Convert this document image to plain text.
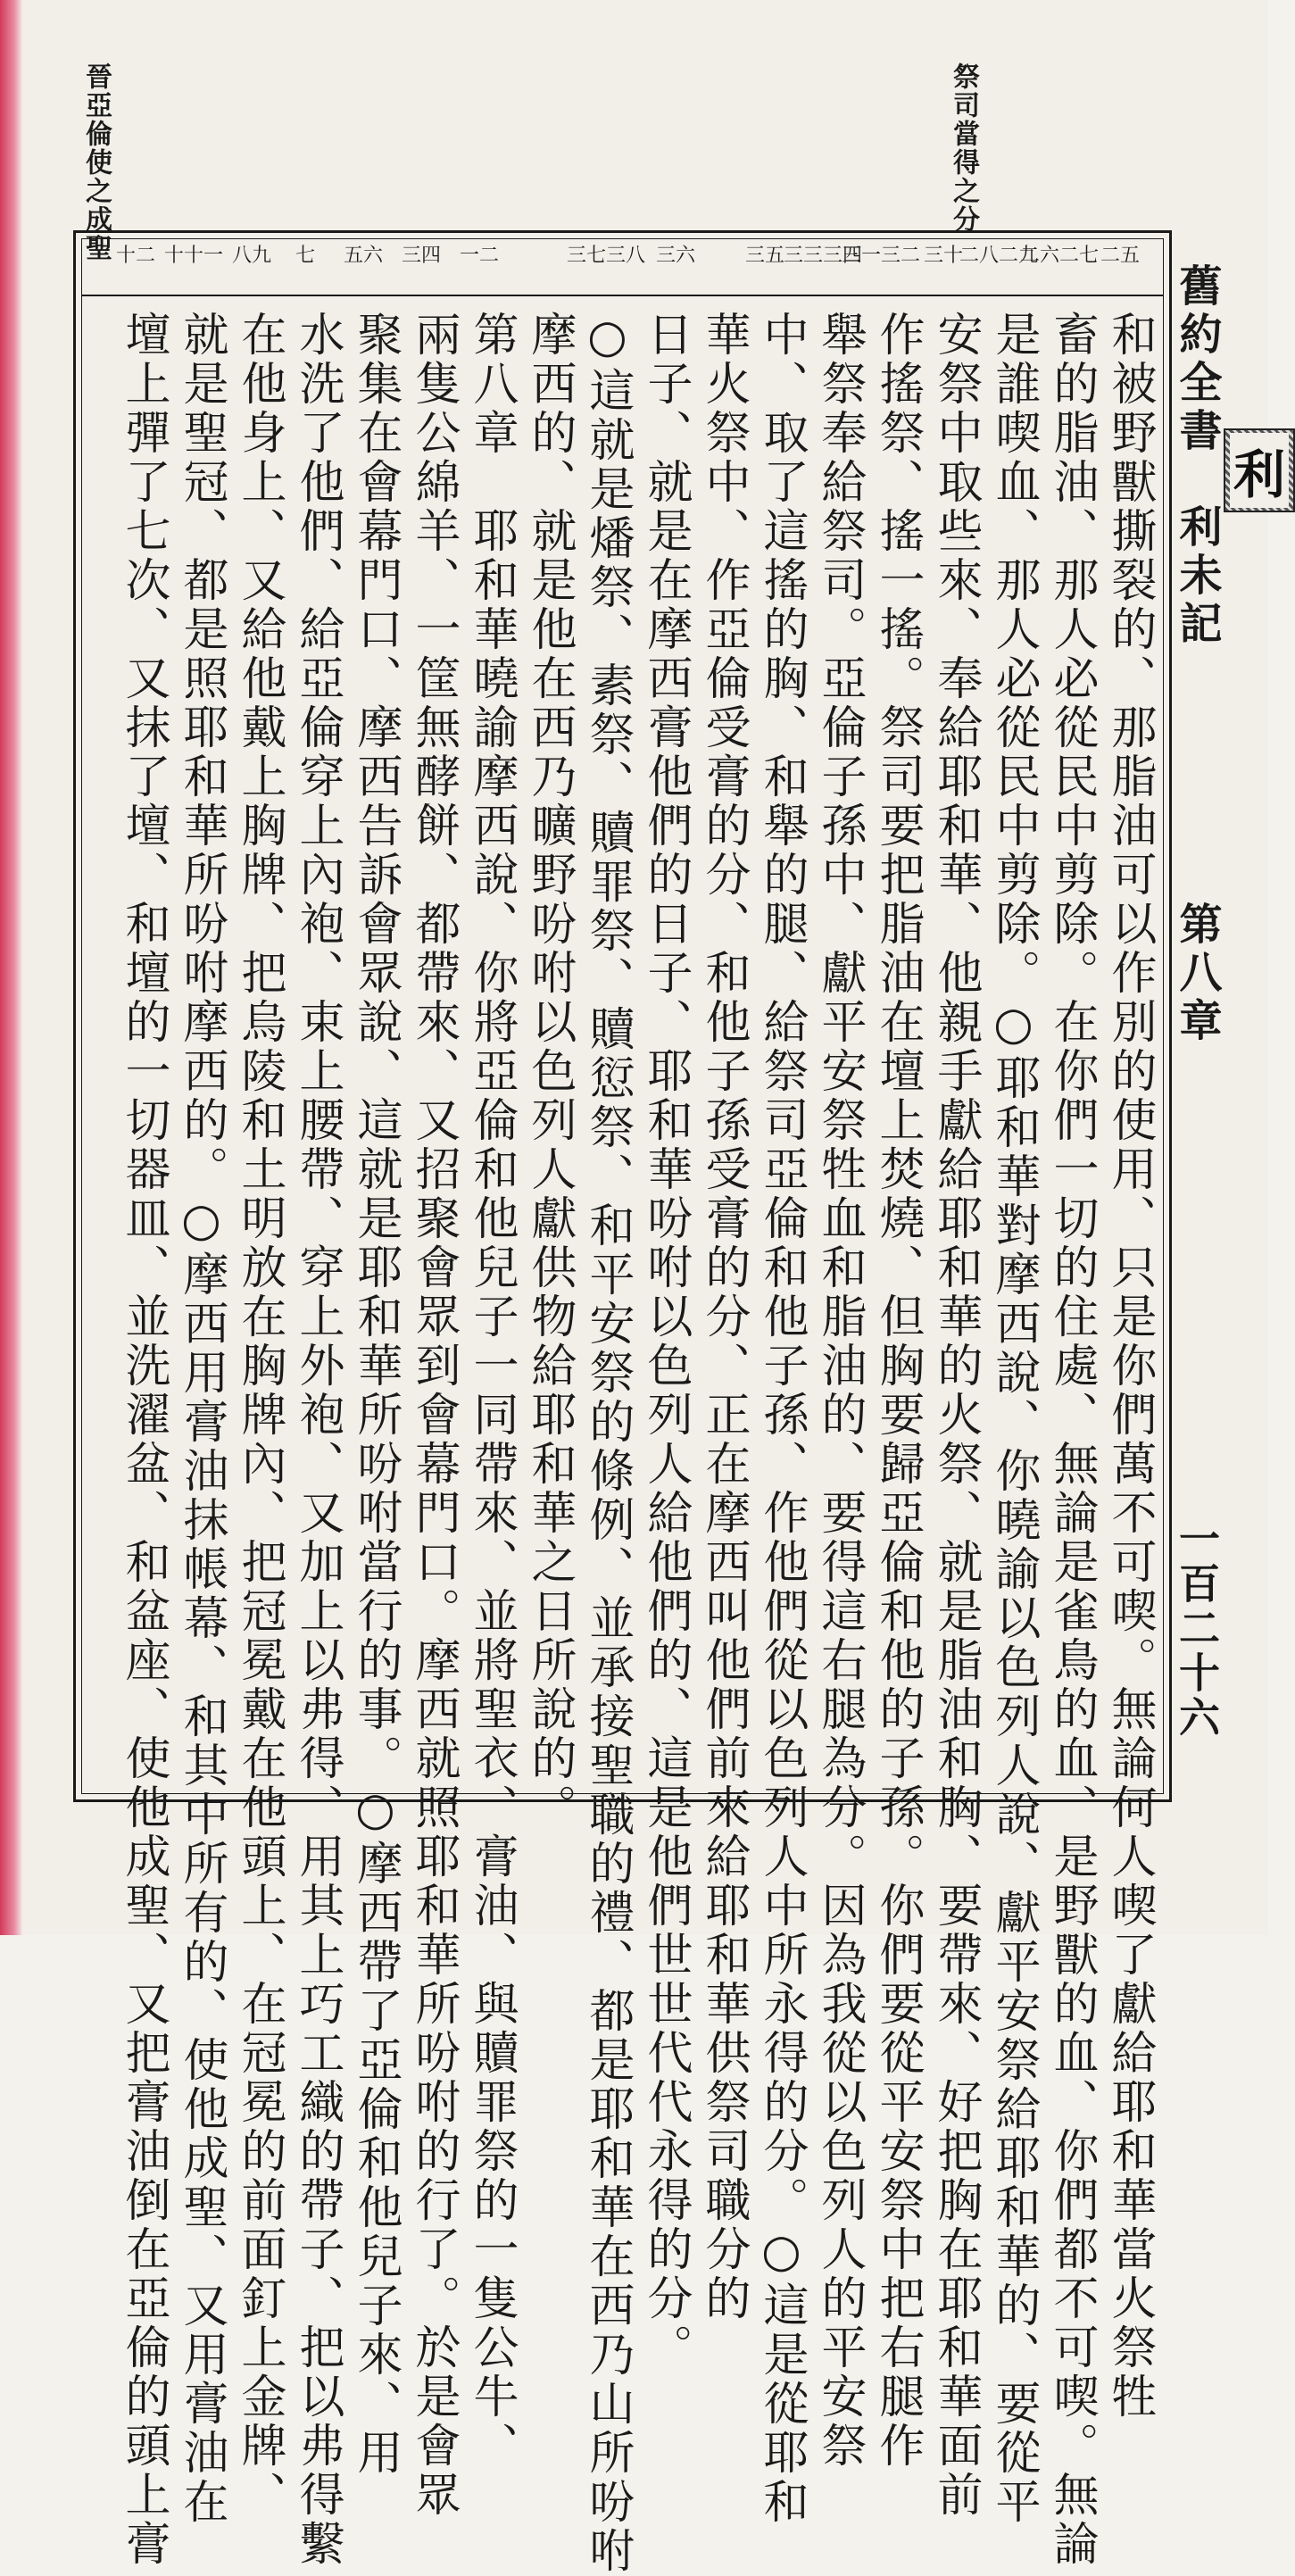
晉亞倫使之成聖	祭司當得之分
二五
二六二七
二八二九
三十
三一三二
三三三四
三五
三六
三七三八
一二
三四
五六
七
八九
十十一
十二
和被野獸撕裂的、那脂油可以作別的使用、只是你們萬不可喫。無論何人喫了獻給耶和華當火祭牲
畜的脂油、那人必從民中剪除。在你們一切的住處、無論是雀鳥的血、是野獸的血、你們都不可喫。無論
是誰喫血、那人必從民中剪除。○耶和華對摩西說、你曉諭以色列人說、獻平安祭給耶和華的、要從平
安祭中取些來、奉給耶和華、他親手獻給耶和華的火祭、就是脂油和胸、要帶來、好把胸在耶和華面前
作搖祭、搖一搖。祭司要把脂油在壇上焚燒、但胸要歸亞倫和他的子孫。你們要從平安祭中把右腿作
舉祭奉給祭司。亞倫子孫中、獻平安祭牲血和脂油的、要得這右腿為分。因為我從以色列人的平安祭
中、取了這搖的胸、和舉的腿、給祭司亞倫和他子孫、作他們從以色列人中所永得的分。○這是從耶和
華火祭中、作亞倫受膏的分、和他子孫受膏的分、正在摩西叫他們前來給耶和華供祭司職分的
日子、就是在摩西膏他們的日子、耶和華吩咐以色列人給他們的、這是他們世世代代永得的分。
○這就是燔祭、素祭、贖罪祭、贖愆祭、和平安祭的條例、並承接聖職的禮、都是耶和華在西乃山所吩咐
摩西的、就是他在西乃曠野吩咐以色列人獻供物給耶和華之日所說的。
第八章　耶和華曉諭摩西說、你將亞倫和他兒子一同帶來、並將聖衣、膏油、與贖罪祭的一隻公牛、
兩隻公綿羊、一筐無酵餅、都帶來、又招聚會眾到會幕門口。摩西就照耶和華所吩咐的行了。於是會眾
聚集在會幕門口、摩西告訴會眾說、這就是耶和華所吩咐當行的事。○摩西帶了亞倫和他兒子來、用
水洗了他們、給亞倫穿上內袍、束上腰帶、穿上外袍、又加上以弗得、用其上巧工織的帶子、把以弗得繫
在他身上、又給他戴上胸牌、把烏陵和土明放在胸牌內、把冠冕戴在他頭上、在冠冕的前面釘上金牌、
就是聖冠、都是照耶和華所吩咐摩西的。○摩西用膏油抹帳幕、和其中所有的、使他成聖、又用膏油在
壇上彈了七次、又抹了壇、和壇的一切器皿、並洗濯盆、和盆座、使他成聖、又把膏油倒在亞倫的頭上膏	舊約全書
利未記
第八章
一百二十六
利
